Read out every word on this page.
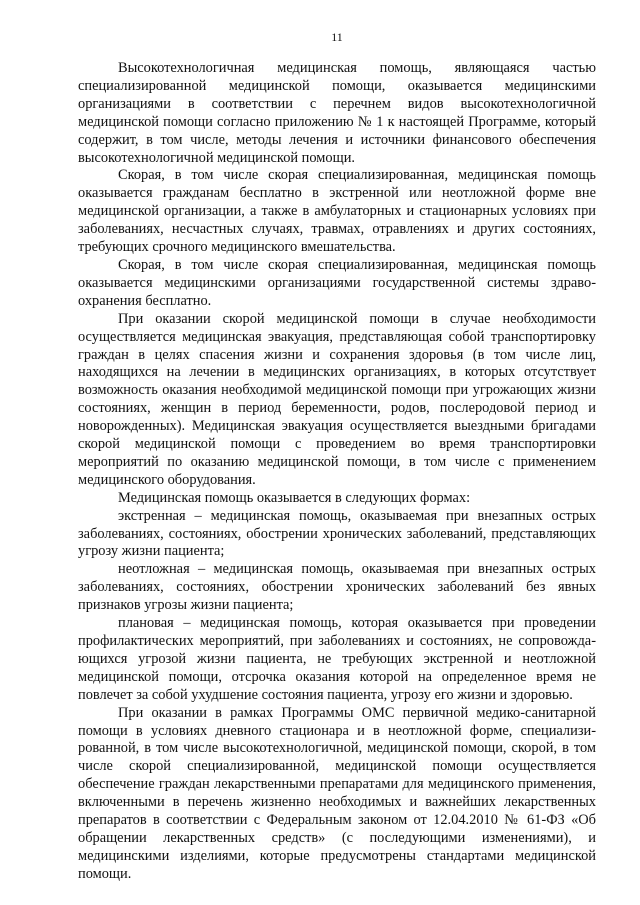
11

Высокотехнологичная медицинская помощь, являющаяся частью специализированной медицинской помощи, оказывается медицинскими организациями в соответствии с перечнем видов высокотехнологичной медицинской помощи согласно приложению № 1 к настоящей Программе, который содержит, в том числе, методы лечения и источники финансового обеспечения высокотехнологичной медицинской помощи.

Скорая, в том числе скорая специализированная, медицинская помощь оказывается гражданам бесплатно в экстренной или неотложной форме вне медицинской организации, а также в амбулаторных и стационарных условиях при заболеваниях, несчастных случаях, травмах, отравлениях и других состояниях, требующих срочного медицинского вмешательства.

Скорая, в том числе скорая специализированная, медицинская помощь оказывается медицинскими организациями государственной системы здравоохранения бесплатно.

При оказании скорой медицинской помощи в случае необходимости осуществляется медицинская эвакуация, представляющая собой транспортировку граждан в целях спасения жизни и сохранения здоровья (в том числе лиц, находящихся на лечении в медицинских организациях, в которых отсутствует возможность оказания необходимой медицинской помощи при угрожающих жизни состояниях, женщин в период беременности, родов, послеродовой период и новорожденных). Медицинская эвакуация осуществляется выездными бригадами скорой медицинской помощи с проведением во время транспортировки мероприятий по оказанию медицинской помощи, в том числе с применением медицинского оборудования.

Медицинская помощь оказывается в следующих формах:

экстренная – медицинская помощь, оказываемая при внезапных острых заболеваниях, состояниях, обострении хронических заболеваний, представляющих угрозу жизни пациента;

неотложная – медицинская помощь, оказываемая при внезапных острых заболеваниях, состояниях, обострении хронических заболеваний без явных признаков угрозы жизни пациента;

плановая – медицинская помощь, которая оказывается при проведении профилактических мероприятий, при заболеваниях и состояниях, не сопровождающихся угрозой жизни пациента, не требующих экстренной и неотложной медицинской помощи, отсрочка оказания которой на определенное время не повлечет за собой ухудшение состояния пациента, угрозу его жизни и здоровью.

При оказании в рамках Программы ОМС первичной медико-санитарной помощи в условиях дневного стационара и в неотложной форме, специализированной, в том числе высокотехнологичной, медицинской помощи, скорой, в том числе скорой специализированной, медицинской помощи осуществляется обеспечение граждан лекарственными препаратами для медицинского применения, включенными в перечень жизненно необходимых и важнейших лекарственных препаратов в соответствии с Федеральным законом от 12.04.2010 № 61-ФЗ «Об обращении лекарственных средств» (с последующими изменениями), и медицинскими изделиями, которые предусмотрены стандартами медицинской помощи.
